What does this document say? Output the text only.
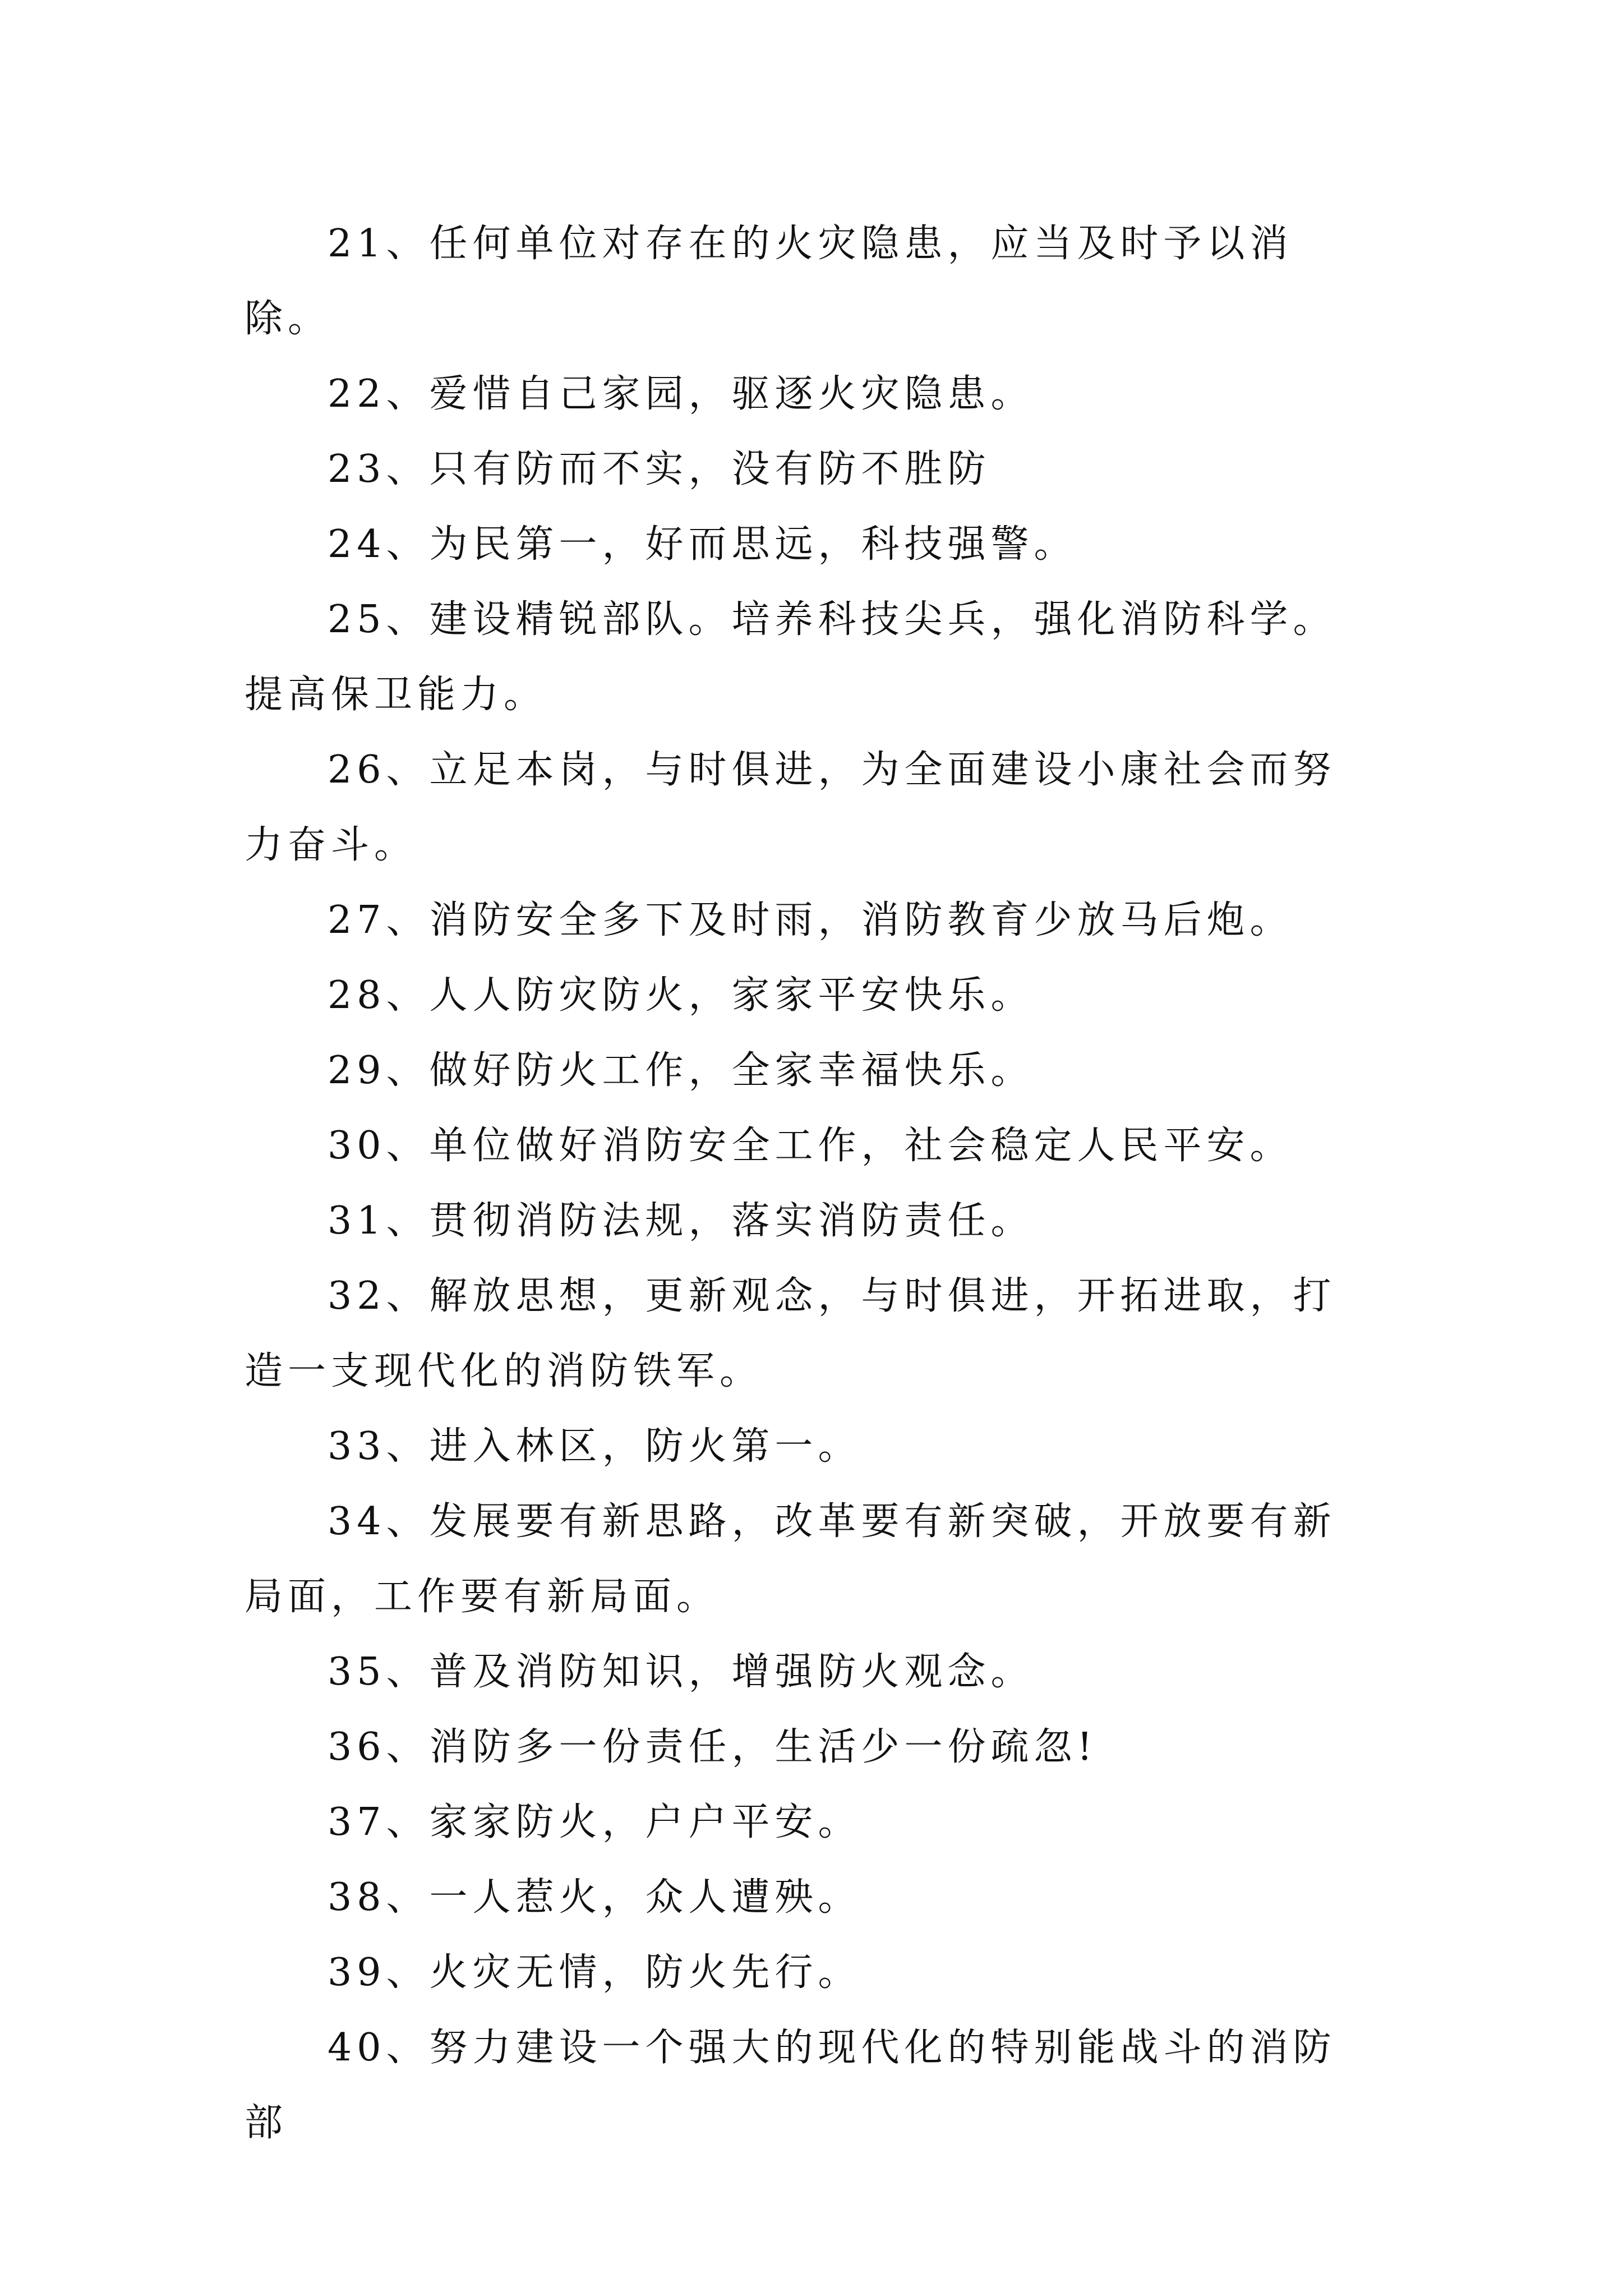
21、任何单位对存在的火灾隐患，应当及时予以消除。

22、爱惜自己家园，驱逐火灾隐患。

23、只有防而不实，没有防不胜防

24、为民第一，好而思远，科技强警。

25、建设精锐部队。培养科技尖兵，强化消防科学。提高保卫能力。

26、立足本岗，与时俱进，为全面建设小康社会而努力奋斗。

27、消防安全多下及时雨，消防教育少放马后炮。

28、人人防灾防火，家家平安快乐。

29、做好防火工作，全家幸福快乐。

30、单位做好消防安全工作，社会稳定人民平安。

31、贯彻消防法规，落实消防责任。

32、解放思想，更新观念，与时俱进，开拓进取，打造一支现代化的消防铁军。

33、进入林区，防火第一。

34、发展要有新思路，改革要有新突破，开放要有新局面，工作要有新局面。

35、普及消防知识，增强防火观念。

36、消防多一份责任，生活少一份疏忽!

37、家家防火，户户平安。

38、一人惹火，众人遭殃。

39、火灾无情，防火先行。

40、努力建设一个强大的现代化的特别能战斗的消防部
